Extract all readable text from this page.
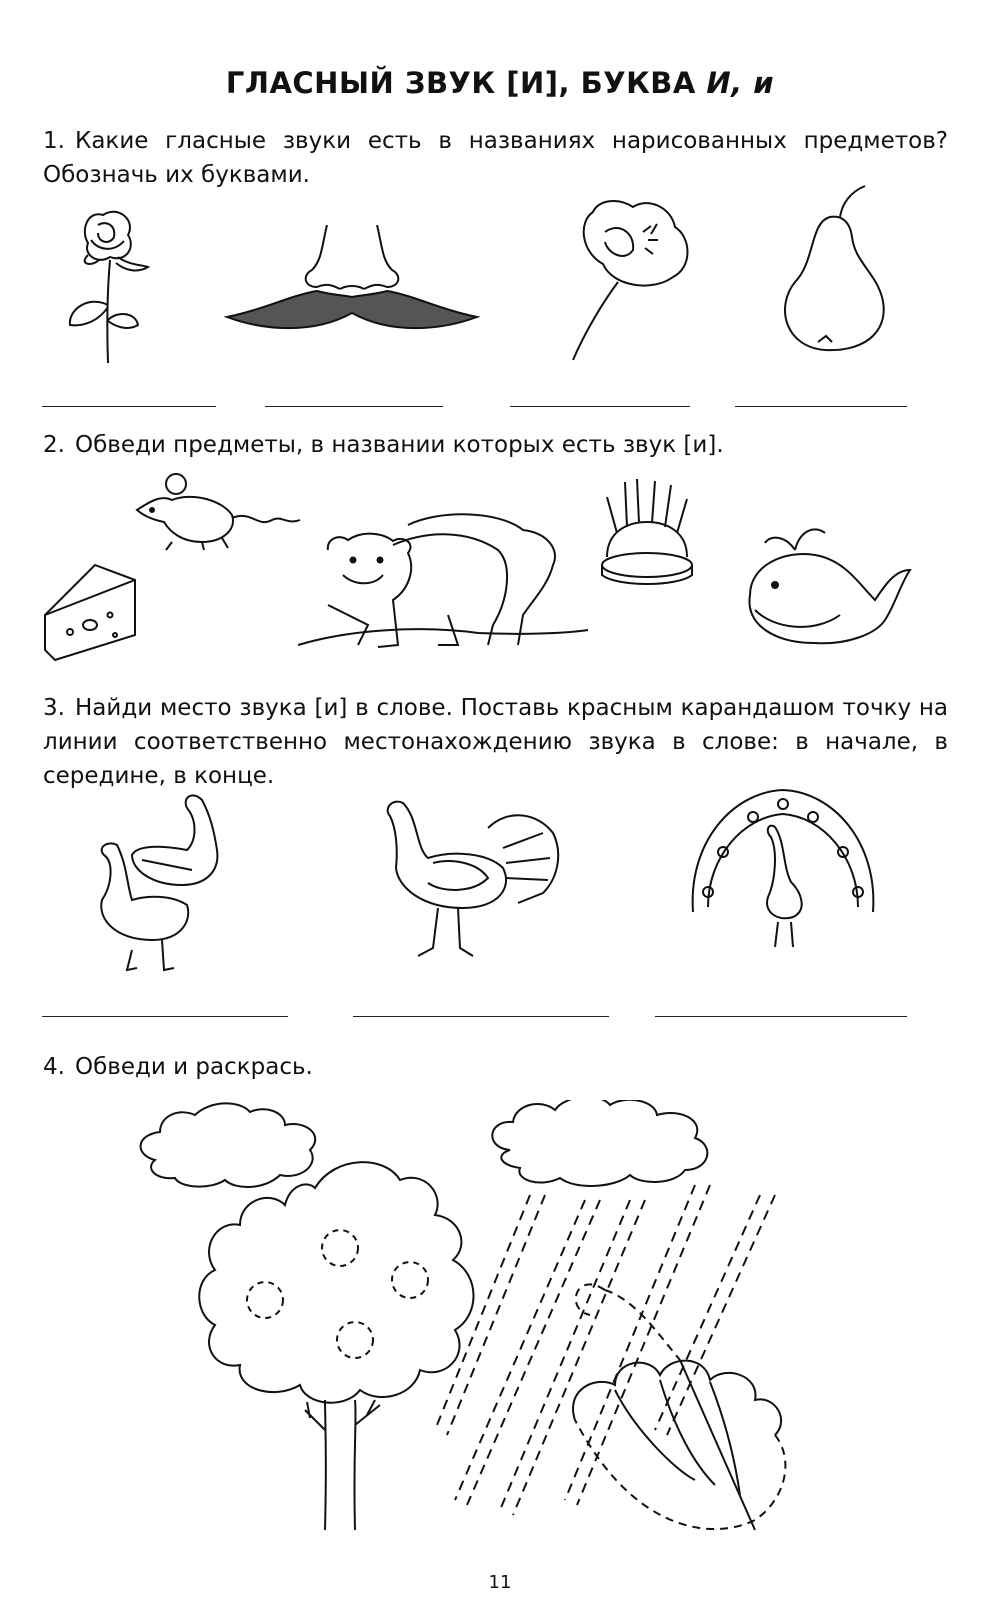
ГЛАСНЫЙ ЗВУК [И], БУКВА И, и
1. Какие гласные звуки есть в названиях нарисованных предметов? Обозначь их буквами.
2. Обведи предметы, в названии которых есть звук [и].
3. Найди место звука [и] в слове. Поставь красным карандашом точку на линии соответственно местонахождению звука в слове: в начале, в середине, в конце.
4. Обведи и раскрась.
11
